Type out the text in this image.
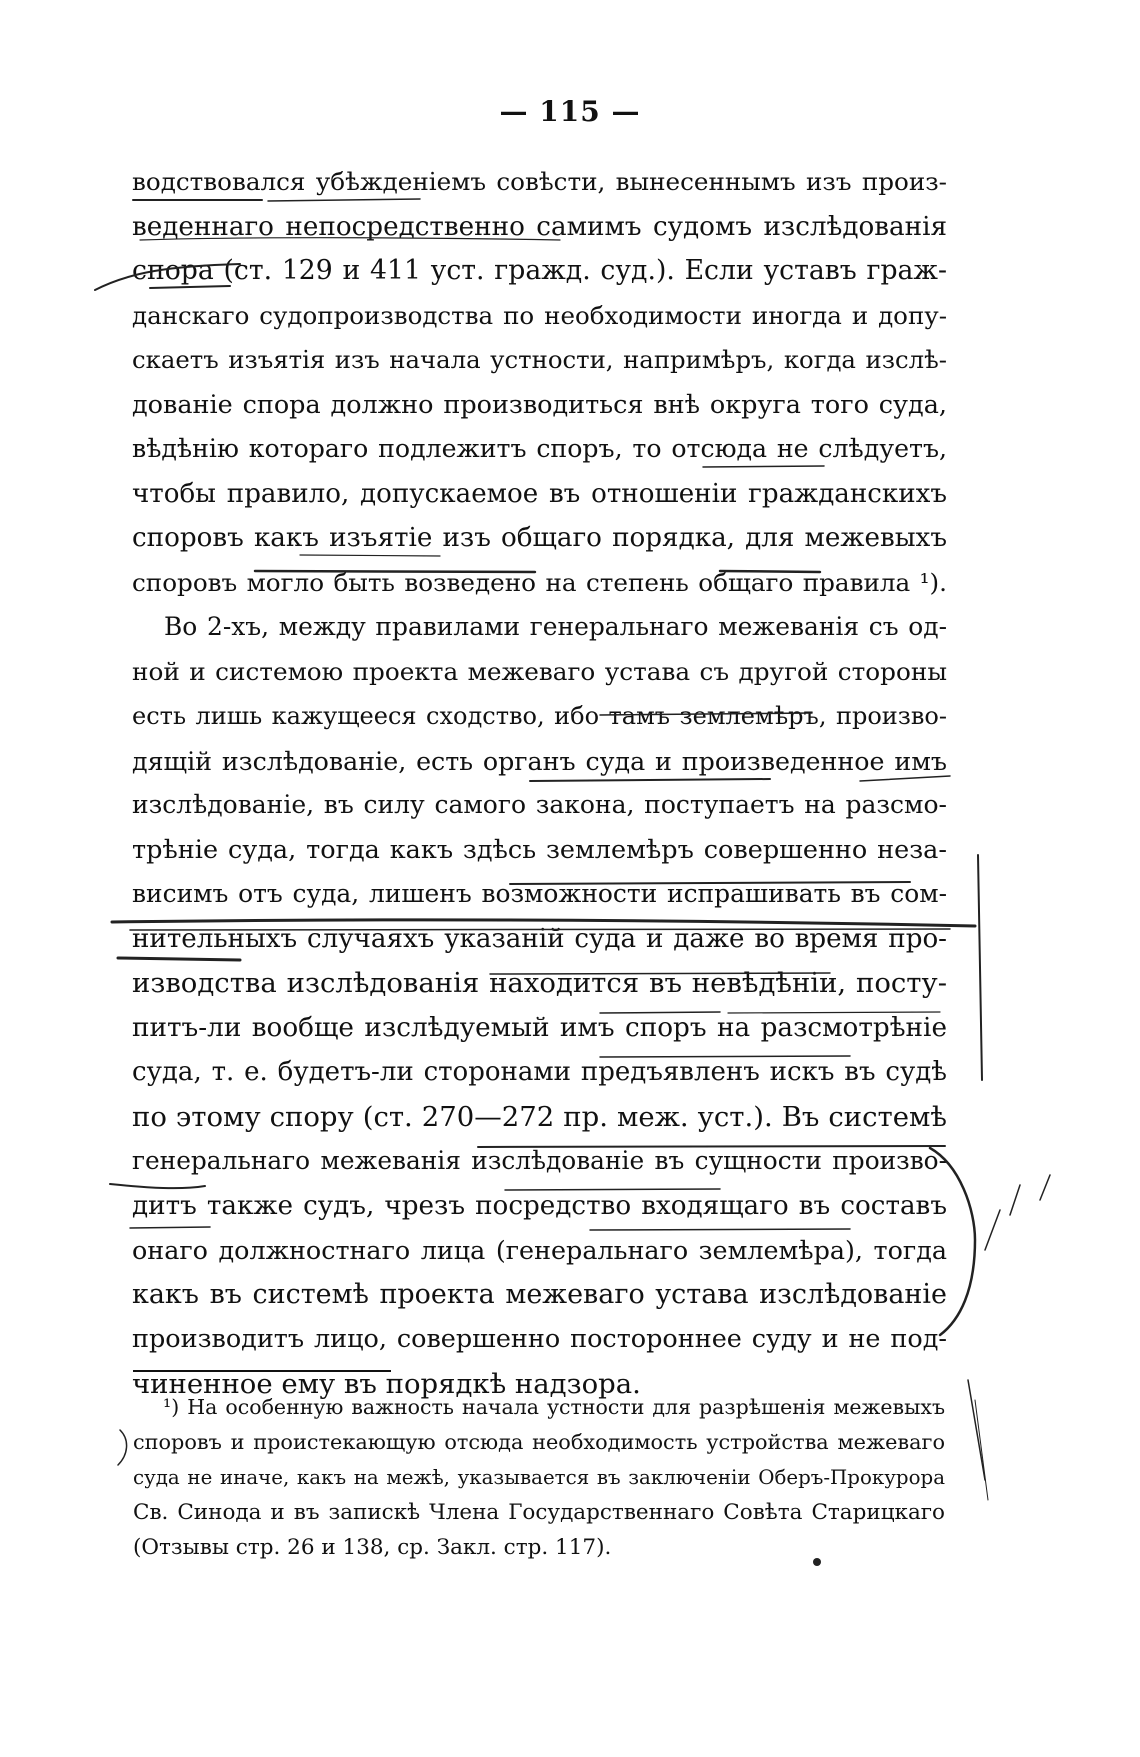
— 115 —
водствовался убѣжденіемъ совѣсти, вынесеннымъ изъ произ-
веденнаго непосредственно самимъ судомъ изслѣдованія
спора (ст. 129 и 411 уст. гражд. суд.). Если уставъ граж-
данскаго судопроизводства по необходимости иногда и допу-
скаетъ изъятія изъ начала устности, напримѣръ, когда изслѣ-
дованіе спора должно производиться внѣ округа того суда,
вѣдѣнію котораго подлежитъ споръ, то отсюда не слѣдуетъ,
чтобы правило, допускаемое въ отношеніи гражданскихъ
споровъ какъ изъятіе изъ общаго порядка, для межевыхъ
споровъ могло быть возведено на степень общаго правила ¹).
Во 2-хъ, между правилами генеральнаго межеванія съ од-
ной и системою проекта межеваго устава съ другой стороны
есть лишь кажущееся сходство, ибо тамъ землемѣръ, произво-
дящій изслѣдованіе, есть органъ суда и произведенное имъ
изслѣдованіе, въ силу самого закона, поступаетъ на разсмо-
трѣніе суда, тогда какъ здѣсь землемѣръ совершенно неза-
висимъ отъ суда, лишенъ возможности испрашивать въ сом-
нительныхъ случаяхъ указаній суда и даже во время про-
изводства изслѣдованія находится въ невѣдѣніи, посту-
питъ-ли вообще изслѣдуемый имъ споръ на разсмотрѣніе
суда, т. е. будетъ-ли сторонами предъявленъ искъ въ судѣ
по этому спору (ст. 270—272 пр. меж. уст.). Въ системѣ
генеральнаго межеванія изслѣдованіе въ сущности произво-
дитъ также судъ, чрезъ посредство входящаго въ составъ
онаго должностнаго лица (генеральнаго землемѣра), тогда
какъ въ системѣ проекта межеваго устава изслѣдованіе
производитъ лицо, совершенно постороннее суду и не под-
чиненное ему въ порядкѣ надзора.
¹) На особенную важность начала устности для разрѣшенія межевыхъ
споровъ и проистекающую отсюда необходимость устройства межеваго
суда не иначе, какъ на межѣ, указывается въ заключеніи Оберъ-Прокурора
Св. Синода и въ запискѣ Члена Государственнаго Совѣта Старицкаго
(Отзывы стр. 26 и 138, ср. Закл. стр. 117).
